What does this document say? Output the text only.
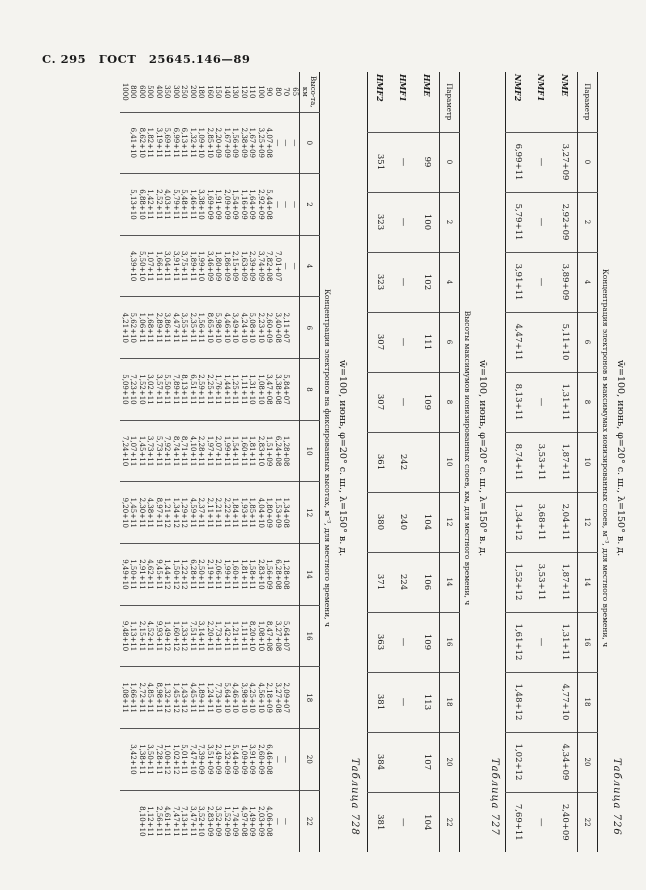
С. 295 ГОСТ 25645.146—89
Таблица 726
w̄=100, июнь, φ=20° с. ш., λ=150° в. д.
Концентрация электронов в максимумах ионизированных слоев, м⁻³, для местного времени, ч
Параметр	0	2	4	6	8	10	12	14	16	18	20	22
NME	3,27+09	2,92+09	3,89+09	5,11+10	1,31+11	1,87+11	2,04+11	1,87+11	1,31+11	4,77+10	4,34+09	2,40+09
NMF1	—	—	—		—	3,53+11	3,68+11	3,53+11	—			—
NMF2	6,99+11	5,79+11	3,91+11	4,47+11	8,13+11	8,74+11	1,34+12	1,52+12	1,61+12	1,48+12	1,02+12	7,69+11
Таблица 727
w̄=100, июнь, φ=20° с. ш., λ=150° в. д.
Высоты максимумов ионизированных слоев, км, для местного времени, ч
Параметр	0	2	4	6	8	10	12	14	16	18	20	22
HME	99	100	102	111	109		104	106	109	113	107	104
HMF1	—	—	—	—	—	242	240	224	—	—		—
HMF2	351	323	323	307	307	361	380	371	363	381	384	381
Таблица 728
w̄=100, июнь, φ=20° с. ш., λ=150° в. д.
Концентрация электронов на фиксированных высотах, м⁻³, для местного времени, ч
Высо-та, км	0	2	4	6	8	10	12	14	16	18	20	22
65	—	—	—									
70	—	—	—	2,11+07	5,84+07	1,28+08	1,34+08	1,28+08	5,64+07	2,09+07	—	—
80	—	—	7,01+07	3,40+08	3,38+08	6,24+08	1,53+09	6,28+08	3,27+08	3,27+08	—	—
90	4,07+08	5,44+08	7,82+08	2,60+09	3,47+08	1,51+09	1,80+09	1,56+09	8,47+08	2,18+09	6,46+08	4,06+08
100	3,25+09	2,92+09	3,74+09	2,23+10	1,08+10	2,83+10	4,04+10	2,83+10	1,08+10	4,56+10	2,60+09	2,03+09
110	1,67+09	1,64+09	2,39+09	5,08+10	1,31+10	1,81+11	1,85+11	1,58+11	8,20+10	4,25+10	3,91+09	1,49+09
120	2,38+09	1,16+09	1,63+09	4,24+10	1,11+11	1,60+11	1,93+11	1,81+11	1,11+11	3,98+10	1,09+09	4,97+08
130	1,56+09	1,54+09	2,15+09	3,49+10	1,25+11	1,54+11	1,84+11	1,60+11	1,21+11	4,46+10	5,44+09	1,74+09
140	1,67+09	2,09+09	1,86+09	4,46+10	1,44+11	1,99+11	2,22+11	1,99+11	1,42+11	5,64+10	1,32+09	1,52+09
150	2,20+09	1,91+09	1,80+09	5,98+10	1,76+11	2,07+11	2,21+11	2,06+11	1,73+11	7,73+10	2,49+09	3,52+09
160	2,85+10	1,69+09	3,46+09	8,65+10	2,25+11	1,97+11	2,11+11	2,19+11	2,20+11	1,24+11	3,51+09	2,83+09
180	1,09+10	3,38+10	1,99+10	1,56+11	2,59+11	2,28+11	2,37+11	2,50+11	3,14+11	1,89+11	7,39+09	3,52+10
200	1,32+11	1,46+11	1,89+11	2,35+11	6,51+11	4,10+11	4,59+11	6,28+11	7,51+11	4,45+11	7,47+10	3,47+11
250	6,13+11	5,48+11	3,75+11	3,55+11	8,13+11	8,71+11	1,29+12	1,22+12	1,33+12	1,43+12	5,01+11	7,13+11
300	6,99+11	5,79+11	3,91+11	4,47+11	7,89+11	8,74+11	1,34+12	1,50+12	1,60+12	1,45+12	1,02+12	7,47+11
350	5,69+11	4,03+11	3,04+11	3,86+11	5,50+11	7,92+11	1,21+12	1,44+12	1,49+12	1,32+12	1,00+12	4,61+11
400	3,19+11	2,52+11	1,66+11	2,89+11	3,57+11	5,73+11	8,97+11	9,45+11	9,93+11	8,98+11	7,28+11	2,56+11
500	1,82+11	1,42+11	1,07+11	1,68+11	3,02+11	3,73+11	4,38+11	4,62+11	4,52+11	4,85+11	3,50+11	1,12+11
600	8,62+10	6,88+10	5,50+10	1,06+11	1,52+10	1,45+11	2,30+11	2,91+11	2,15+11	2,72+11	1,38+11	8,10+10
800	6,41+10	5,13+10	4,39+10	5,62+10	7,23+10	1,07+11	1,45+11	1,50+11	1,13+11	1,66+11	3,42+10	
1000				4,21+10	5,09+10	7,24+10	9,20+10	9,49+10	9,48+10	1,08+11		
